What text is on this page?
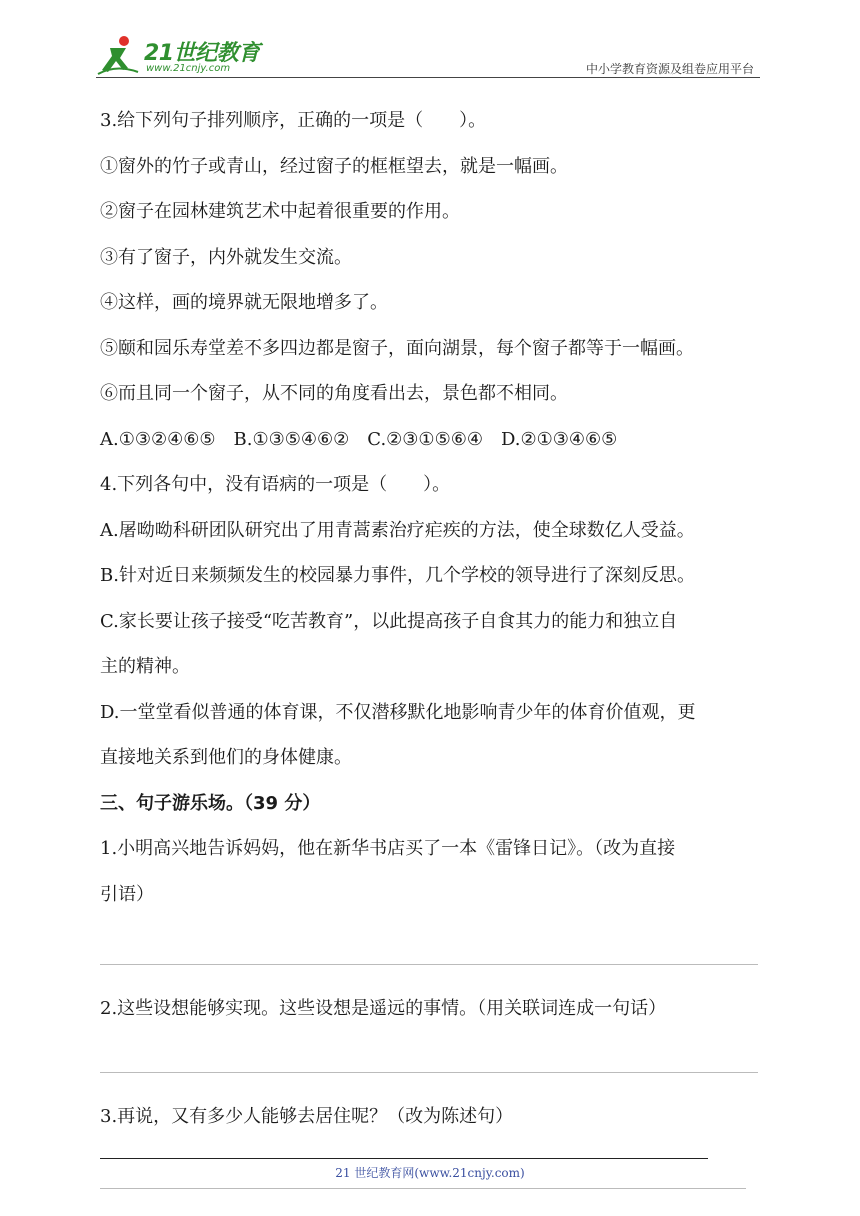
21世纪教育
www.21cnjy.com	中小学教育资源及组卷应用平台
3.给下列句子排列顺序，正确的一项是（　　）。
①窗外的竹子或青山，经过窗子的框框望去，就是一幅画。
②窗子在园林建筑艺术中起着很重要的作用。
③有了窗子，内外就发生交流。
④这样，画的境界就无限地增多了。
⑤颐和园乐寿堂差不多四边都是窗子，面向湖景，每个窗子都等于一幅画。
⑥而且同一个窗子，从不同的角度看出去，景色都不相同。
A.①③②④⑥⑤　B.①③⑤④⑥②　C.②③①⑤⑥④　D.②①③④⑥⑤
4.下列各句中，没有语病的一项是（　　）。
A.屠呦呦科研团队研究出了用青蒿素治疗疟疾的方法，使全球数亿人受益。
B.针对近日来频频发生的校园暴力事件，几个学校的领导进行了深刻反思。
C.家长要让孩子接受“吃苦教育”，以此提高孩子自食其力的能力和独立自
主的精神。
D.一堂堂看似普通的体育课，不仅潜移默化地影响青少年的体育价值观，更
直接地关系到他们的身体健康。
三、句子游乐场。（39 分）
1.小明高兴地告诉妈妈，他在新华书店买了一本《雷锋日记》。（改为直接
引语）
2.这些设想能够实现。这些设想是遥远的事情。（用关联词连成一句话）
3.再说，又有多少人能够去居住呢？（改为陈述句）
21 世纪教育网(www.21cnjy.com)
